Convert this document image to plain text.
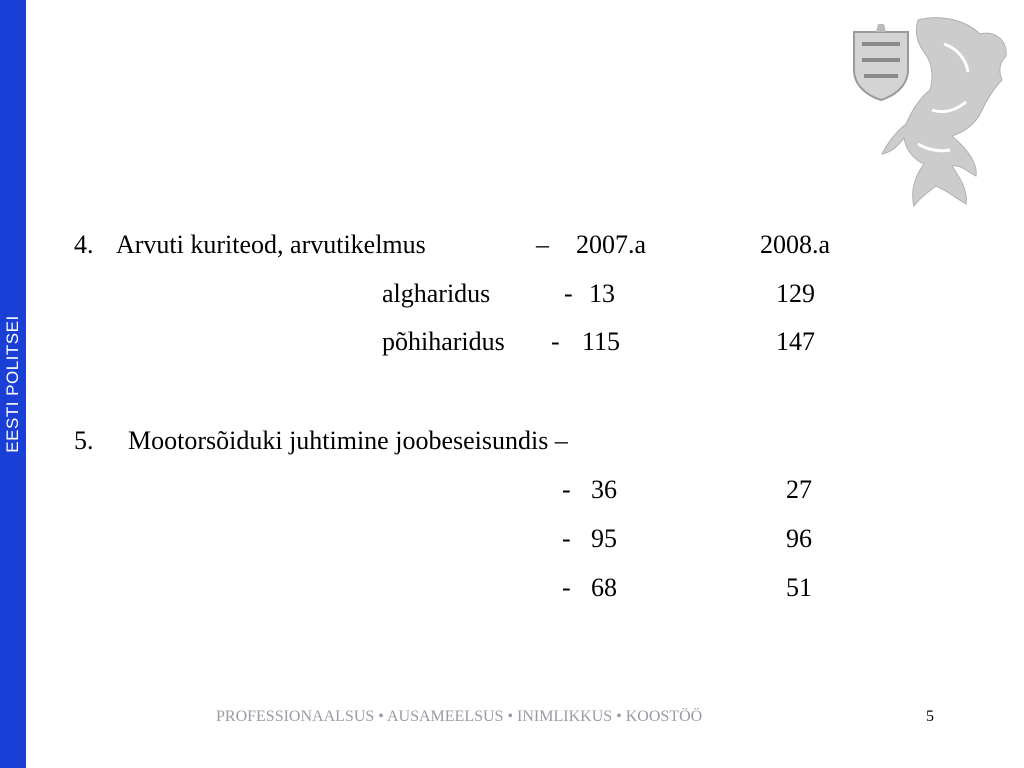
EESTI POLITSEI
4. Arvuti kuriteod, arvutikelmus	– 2007.a	2008.a
algharidus	- 13	129
põhiharidus - 115	147
5. Mootorsõiduki juhtimine joobeseisundis –
- 36	27
- 95	96
- 68	51
PROFESSIONAALSUS • AUSAMEELSUS • INIMLIKKUS • KOOSTÖÖ	5
